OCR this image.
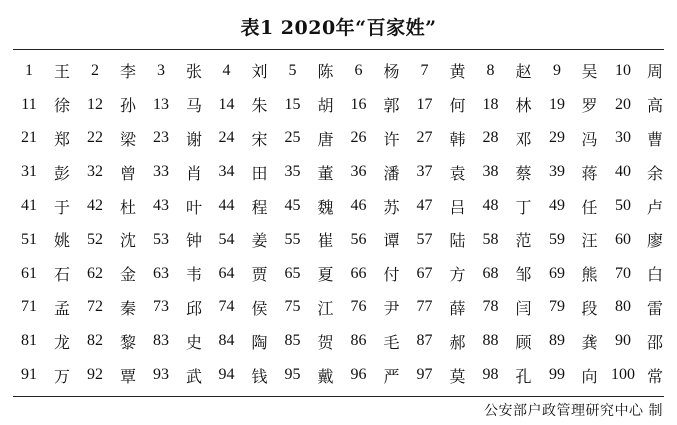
表1 2020年“百家姓”
1	王	2	李	3	张	4	刘	5	陈	6	杨	7	黄	8	赵	9	吴	10 周
11	徐	12	孙	13	马	14	朱	15	胡	16	郭	17	何	18	林	19	罗	20 高
21	郑	22	梁	23	谢	24	宋	25	唐	26	许	27	韩	28	邓	29	冯	30 曹
31	彭	32	曾	33	肖	34	田	35	董	36	潘	37	袁	38	蔡	39	蒋	40 余
41	于	42	杜	43	叶	44	程	45	魏	46	苏	47	吕	48	丁	49	任	50 卢
51	姚	52	沈	53	钟	54	姜	55	崔	56	谭	57	陆	58	范	59	汪	60 廖
61	石	62	金	63	韦	64	贾	65	夏	66	付	67	方	68	邹	69	熊	70 白
71	孟	72	秦	73	邱	74	侯	75	江	76	尹	77	薛	78	闫	79	段	80 雷
81	龙	82	黎	83	史	84	陶	85	贺	86	毛	87	郝	88	顾	89	龚	90 邵
91	万	92	覃	93	武	94	钱	95	戴	96	严	97	莫	98	孔	99	向 100 常
公安部户政管理研究中心 制
